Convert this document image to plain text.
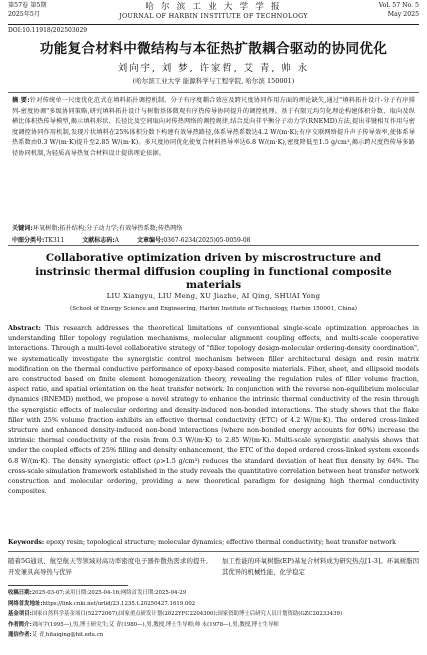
第57卷 第5期
2025年5月
哈 尔 滨 工 业 大 学 学 报
JOURNAL OF HARBIN INSTITUTE OF TECHNOLOGY
Vol. 57 No. 5
May 2025
DOI:10.11918/202503029
功能复合材料中微结构与本征热扩散耦合驱动的协同优化
刘向宇, 刘 梦, 许家哲, 艾 青, 帅 永
(哈尔滨工业大学 能源科学与工程学院, 哈尔滨 150001)
摘 要:针对传统单一尺度优化范式在填料拓扑调控机制、分子有序度耦合效应及跨尺度协同作用方面的理论缺失,通过"填料拓扑设计-分子有序排列-密度协调"多级协同策略,研究填料拓扑设计与树脂基体微观有序热传导协同提升的调控机理。基于有限元均匀化理论构建体积分数、取向及纵横比体积热传导模型,揭示填料形状、长径比及空间取向对传热网络的调控规律,结合反向非平衡分子动力学(RNEMD)方法,提出非键相互作用与密度调控协同作用机制,发现片状填料在25%体积分数下构建有效导热路径,体系导热系数达4.2 W/(m·K);有序交联网络提升声子传导效率,使体系导热系数由0.3 W/(m·K)提升至2.85 W/(m·K)。多尺度协同优化使复合材料热导率达6.8 W/(m·K),密度降低至1.5 g/cm³,揭示跨尺度热传导多路径协同机制,为轻质高导热复合材料设计提供理论依据。
关键词:环氧树脂;拓扑结构;分子动力学;有效导热系数;传热网络
中图分类号:TK311	文献标志码:A	文章编号:0367-6234(2025)05-0059-08
Collaborative optimization driven by miscrostructure and instrinsic thermal diffusion coupling in functional composite materials
LIU Xiangyu, LIU Meng, XU Jiazhe, AI Qing, SHUAI Yong
(School of Energy Science and Engineering, Harbin Institute of Technology, Harbin 150001, China)
Abstract: This research addresses the theoretical limitations of conventional single-scale optimization approaches in understanding filler topology regulation mechanisms, molecular alignment coupling effects, and multi-scale cooperative interactions. Through a multi-level collaborative strategy of "filler topology design-molecular ordering-density coordination", we systematically investigate the synergistic control mechanism between filler architectural design and resin matrix modification on the thermal conductive performance of epoxy-based composite materials. Fiber, sheet, and ellipsoid models are constructed based on finite element homogenization theory, revealing the regulation rules of filler volume fraction, aspect ratio, and spatial orientation on the heat transfer network. In conjunction with the reverse non-equilibrium molecular dynamics (RNEMD) method, we propose a novel strategy to enhance the intrinsic thermal conductivity of the resin through the synergistic effects of molecular ordering and density-induced non-bonded interactions. The study shows that the flake filler with 25% volume fraction exhibits an effective thermal conductivity (ETC) of 4.2 W/(m·K). The ordered cross-linked structure and enhanced density-induced non-bond interactions (where non-bonded energy accounts for 60%) increase the intrinsic thermal conductivity of the resin from 0.3 W/(m·K) to 2.85 W/(m·K). Multi-scale synergistic analysis shows that under the coupled effects of 25% filling and density enhancement, the ETC of the doped ordered cross-linked system exceeds 6.8 W/(m·K). The density synergistic effect (ρ>1.5 g/cm³) reduces the standard deviation of heat flux density by 64%. The cross-scale simulation framework established in the study reveals the quantitative correlation between heat transfer network construction and molecular ordering, providing a new theoretical paradigm for designing high thermal conductivity composites.
Keywords: epoxy resin; topological structure; molecular dynamics; effective thermal conductivity; heat transfer network
随着5G通讯、航空航天等领域对高功率密度电子器件散热需求的提升,开发兼具高导热与优异
加工性能的环氧树脂(EP)基复合材料成为研究热点[1-3]。环氧树脂因其优异的机械性能、化学稳定
收稿日期:2025-03-07;录用日期:2025-04-16;网络首发日期:2025-04-29
网络首发地址:https://link.cnki.net/urlid/23.1235.t.20250427.1619.002
基金项目:国家自然科学基金项目(52272067);国家重点研发计划(2022YFC2204300);国家资助博士后研究人员计划资助(GZC20233439)
作者简介:刘向宇(1995—),男,博士研究生;艾 青(1980—),男,教授,博士生导师;帅 永(1978—),男,教授,博士生导师
通信作者:艾 青,hitaiqing@hit.edu.cn
